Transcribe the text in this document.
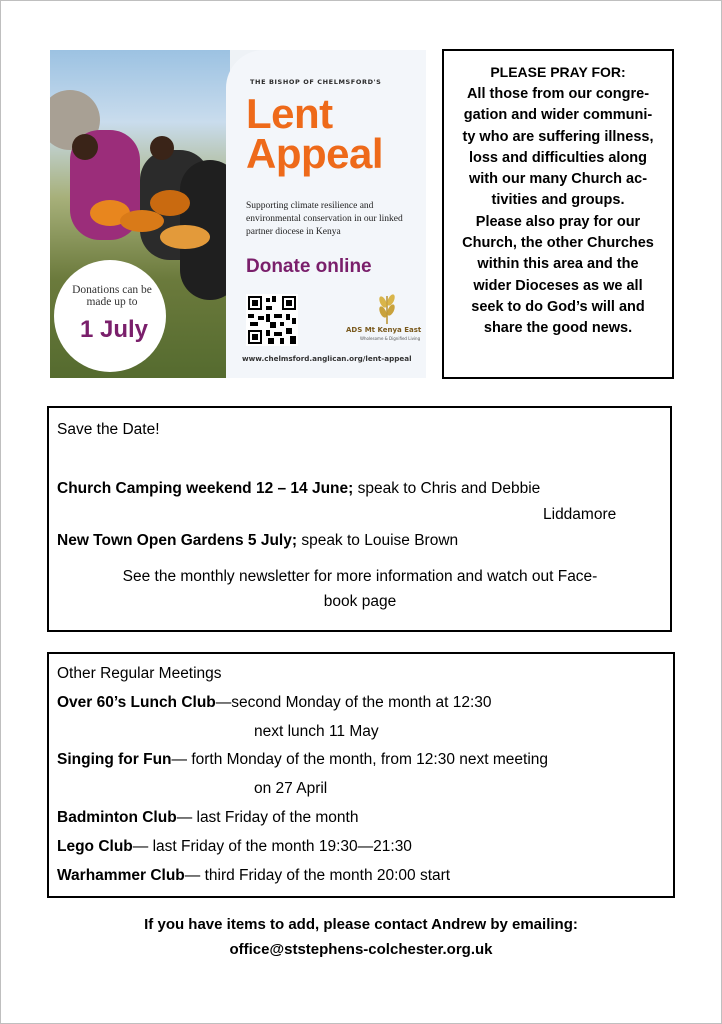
THE BISHOP OF CHELMSFORD'S
Lent
Appeal
Supporting climate resilience and environmental conservation in our linked partner diocese in Kenya
Donate online
ADS Mt Kenya East
Wholesome & Dignified Living
www.chelmsford.anglican.org/lent-appeal
Donations can be made up to
1 July
PLEASE PRAY FOR:
All those from our congre-
gation and wider communi-
ty who are suffering illness,
loss and difficulties along
with our many Church ac-
tivities and groups.
Please also pray for our
Church, the other Churches
within this area and the
wider Dioceses as we all
seek to do God’s will and
share the good news.
Save the Date!
Church Camping weekend 12 – 14 June; speak to Chris and Debbie
Liddamore
New Town Open Gardens 5 July; speak to Louise Brown
See the monthly newsletter for more information and watch out Face-
book page
Other Regular Meetings
Over 60’s Lunch Club—second Monday of the month at 12:30
next lunch 11 May
Singing for Fun— forth Monday of the month, from 12:30 next meeting
on 27 April
Badminton Club— last Friday of the month
Lego Club— last Friday of the month 19:30—21:30
Warhammer Club— third Friday of the month 20:00 start
If you have items to add, please contact Andrew by emailing:
office@ststephens-colchester.org.uk
